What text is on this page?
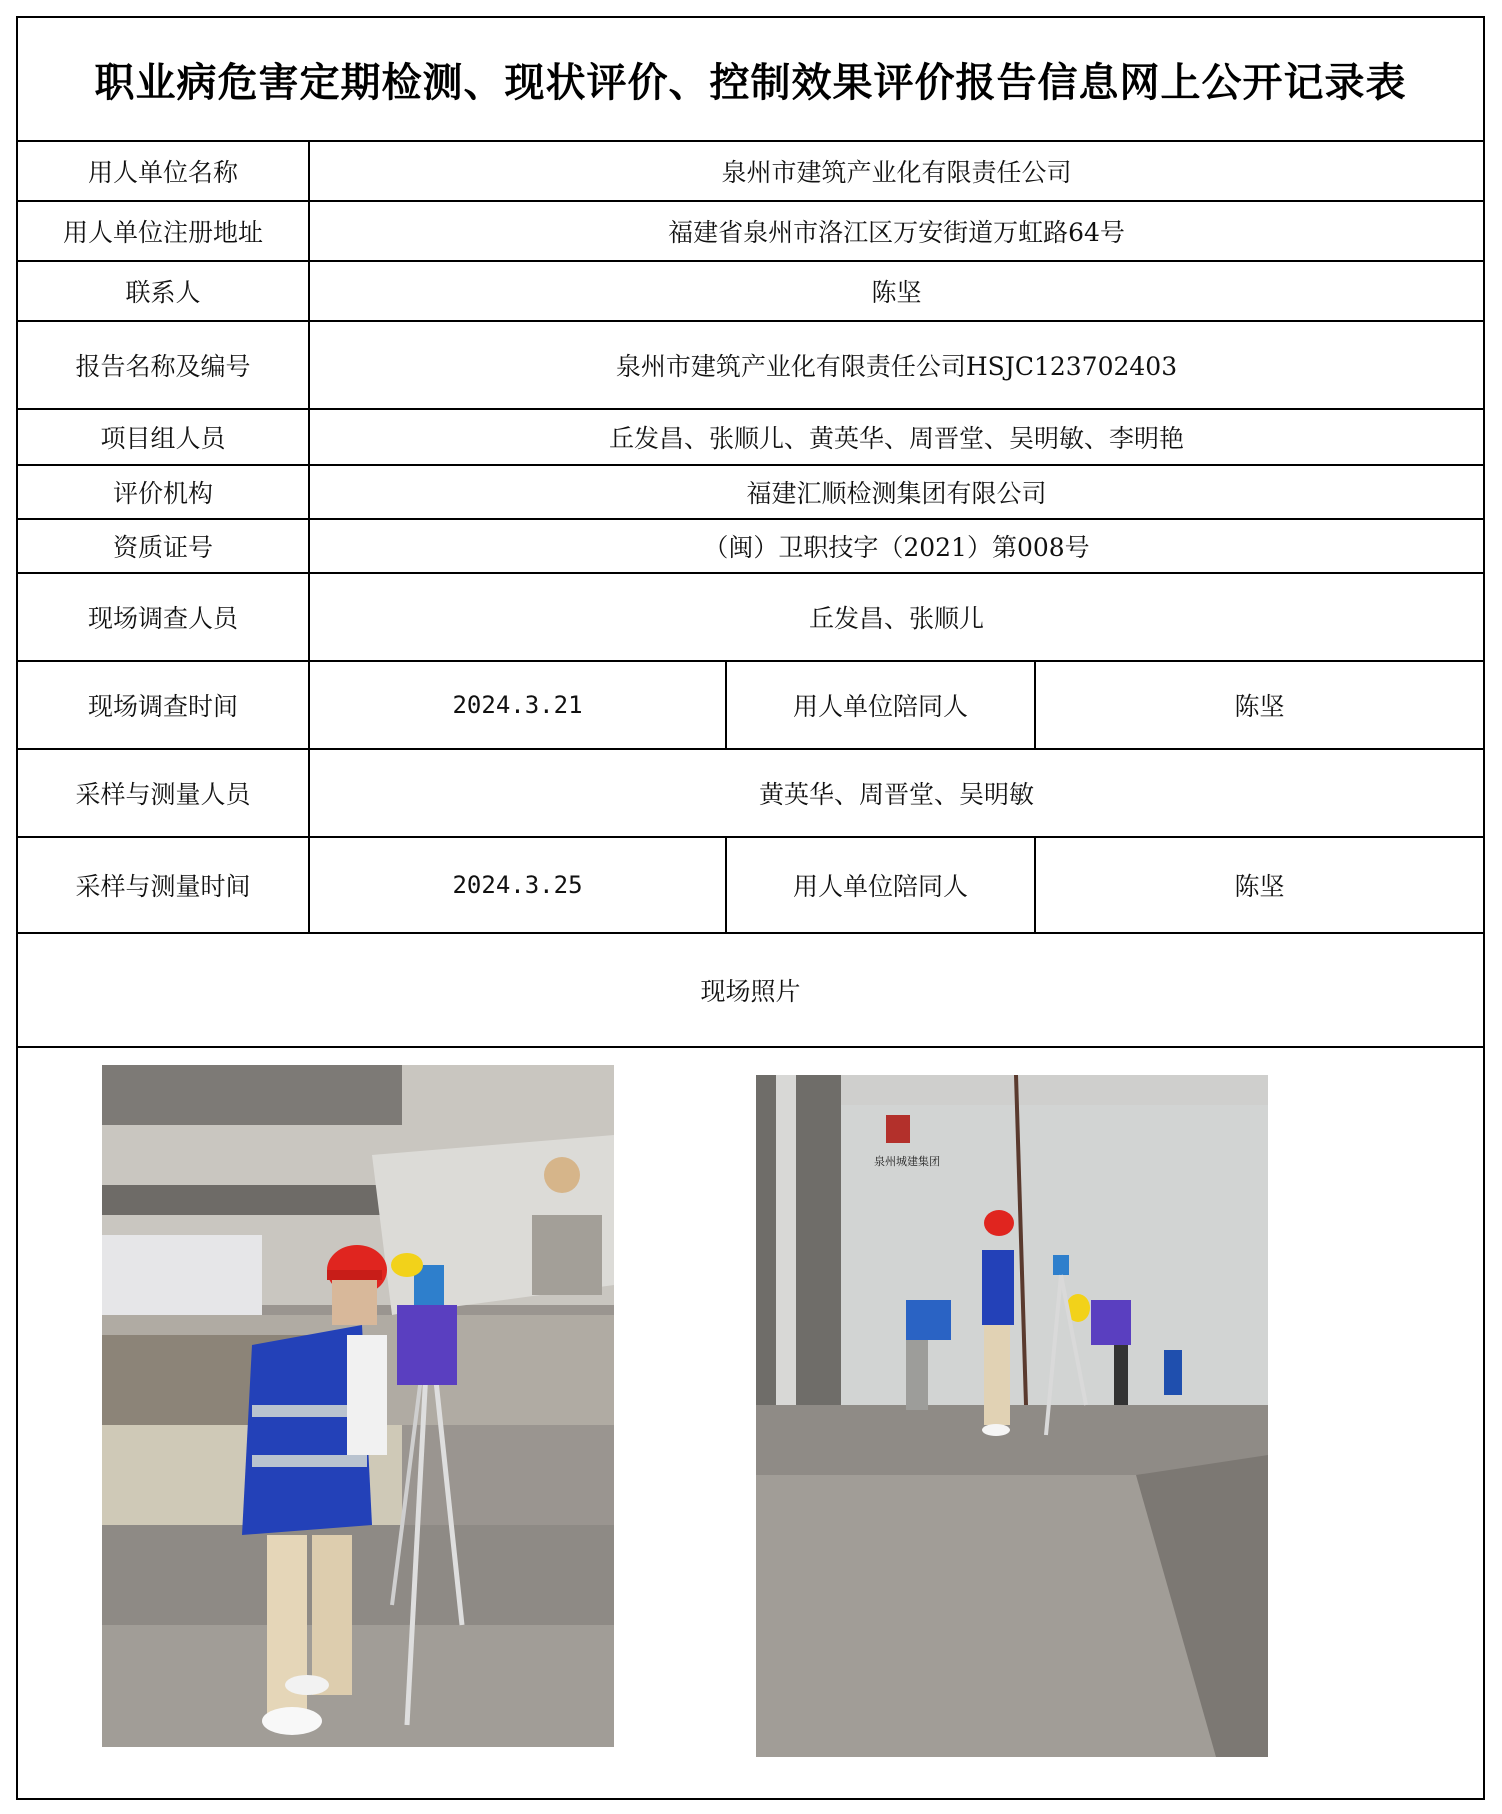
职业病危害定期检测、现状评价、控制效果评价报告信息网上公开记录表
用人单位名称	泉州市建筑产业化有限责任公司
用人单位注册地址	福建省泉州市洛江区万安街道万虹路64号
联系人	陈坚
报告名称及编号	泉州市建筑产业化有限责任公司HSJC123702403
项目组人员	丘发昌、张顺儿、黄英华、周晋堂、吴明敏、李明艳
评价机构	福建汇顺检测集团有限公司
资质证号	（闽）卫职技字（2021）第008号
现场调查人员	丘发昌、张顺儿
现场调查时间	2024.3.21	用人单位陪同人	陈坚
采样与测量人员	黄英华、周晋堂、吴明敏
采样与测量时间	2024.3.25	用人单位陪同人	陈坚
现场照片
泉州城建集团
